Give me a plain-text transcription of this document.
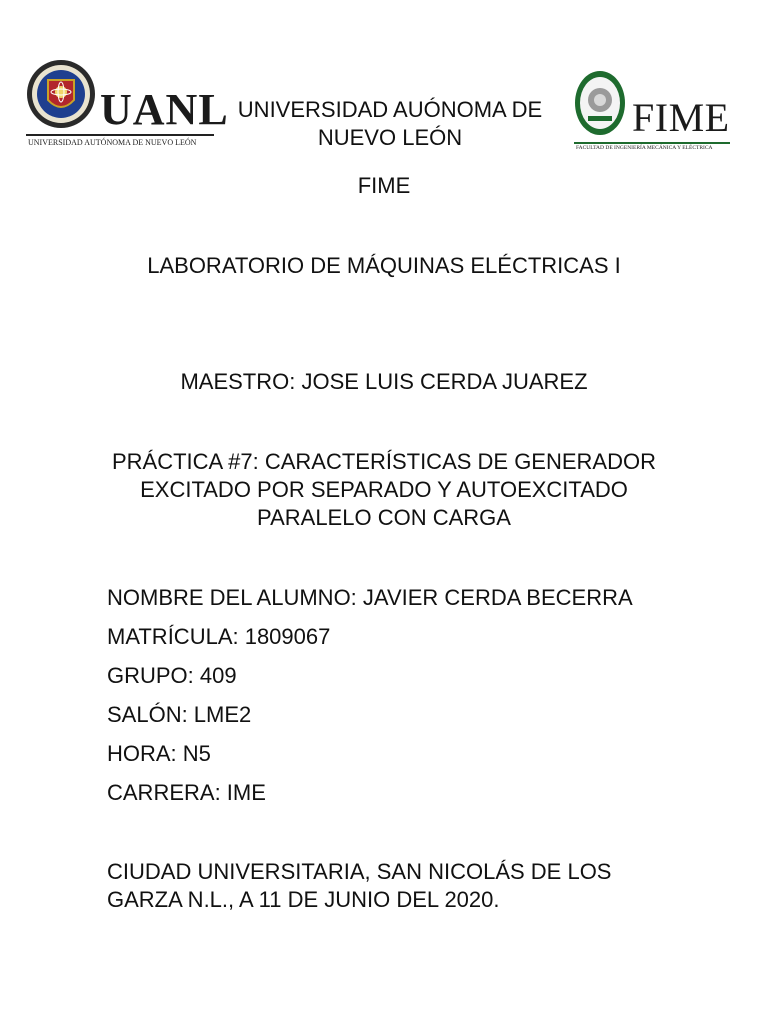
UANL
UNIVERSIDAD AUTÓNOMA DE NUEVO LEÓN
FIME
FACULTAD DE INGENIERÍA MECÁNICA Y ELÉCTRICA
UNIVERSIDAD AUÓNOMA DE NUEVO LEÓN
FIME
LABORATORIO DE MÁQUINAS ELÉCTRICAS I
MAESTRO: JOSE LUIS CERDA JUAREZ
PRÁCTICA #7: CARACTERÍSTICAS DE GENERADOR EXCITADO POR SEPARADO Y AUTOEXCITADO PARALELO CON CARGA
NOMBRE DEL ALUMNO: JAVIER CERDA BECERRA
MATRÍCULA: 1809067
GRUPO: 409
SALÓN: LME2
HORA: N5
CARRERA: IME
CIUDAD UNIVERSITARIA, SAN NICOLÁS DE LOS GARZA N.L., A 11 DE JUNIO DEL 2020.
